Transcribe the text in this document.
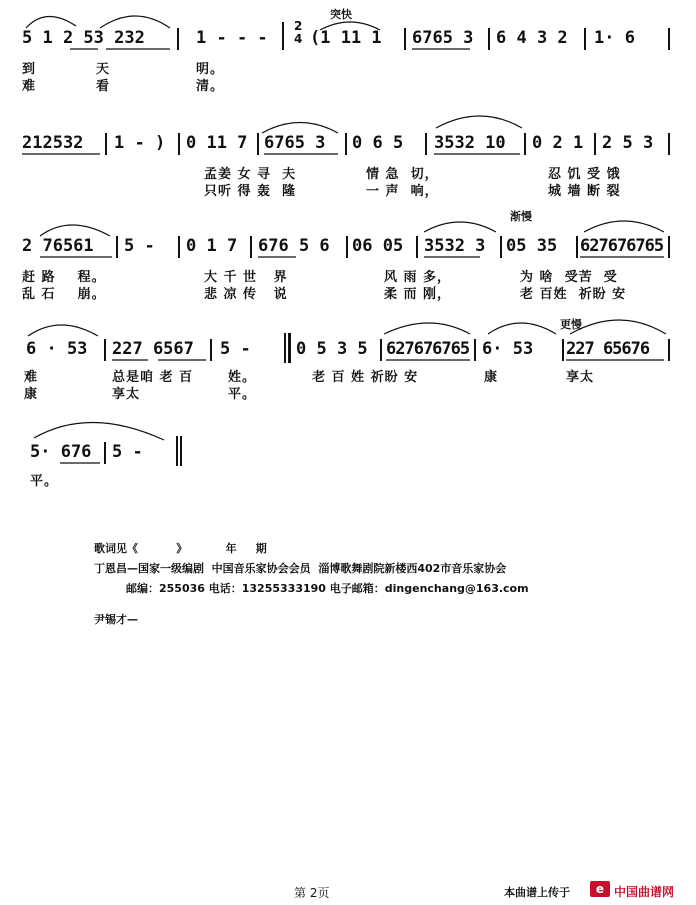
突快
渐慢
更慢
5 1 2 53 232	1 - - -
2
4 (1 11 1 6765 3 6 4 3 2 1· 6
到	天	明。
难	看	清。
212532 1 - ) 0 11 7 6765 3 0 6 5 3532 10 0 2 1 2 5 3
孟姜 女 寻  夫	情 急  切，	忍 饥 受 饿
只听 得 轰  隆	一 声  响，	城 墙 断 裂
2 76561 5 - 0 1 7 676 5 6 06 05 3532 3 05 35 627676765
赶 路    程。	大 千 世   界	风 雨 多，	为 啥  受苦  受
乱 石    崩。	悲 凉 传   说	柔 而 刚，	老 百姓  祈盼 安
6 · 53 227 6567 5 -	0 5 3 5 627676765 6· 53 227 65676
难	总是咱 老 百	姓。	老 百 姓 祈盼 安	康	享太
康	享太	平。
5· 676 5 -
平。
歌词见《          》          年     期
丁恩昌—国家一级编剧  中国音乐家协会会员  淄博歌舞剧院新楼西402市音乐家协会
邮编：255036 电话：13255333190 电子邮箱：dingenchang@163.com
尹锡才—
第 2页	本曲谱上传于	e 中国曲谱网
